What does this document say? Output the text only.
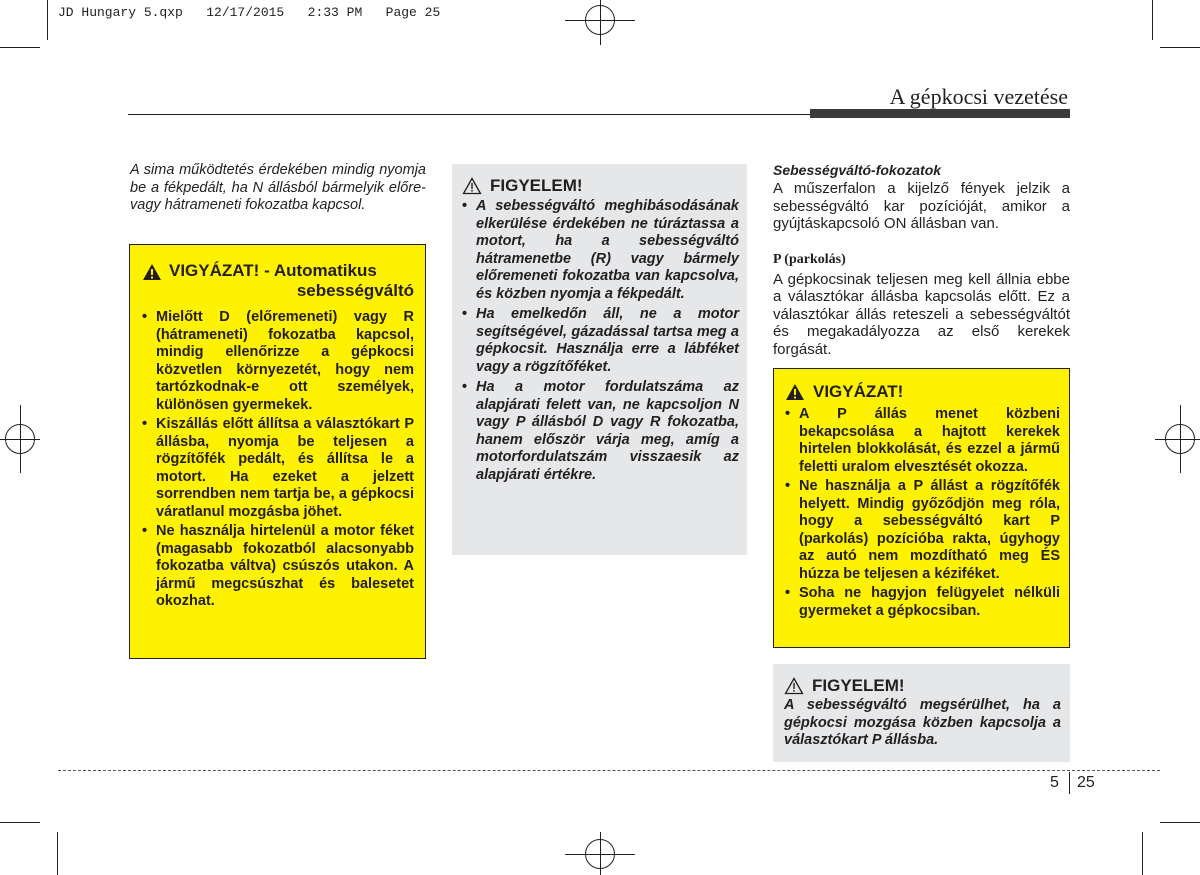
JD Hungary 5.qxp   12/17/2015   2:33 PM   Page 25
A gépkocsi vezetése
A sima működtetés érdekében mindig nyomja be a fékpedált, ha N állásból bármelyik előre- vagy hátrameneti fokozatba kapcsol.
VIGYÁZAT! - Automatikus
sebességváltó
• Mielőtt D (előremeneti) vagy R (hátrameneti) fokozatba kapcsol, mindig ellenőrizze a gépkocsi közvetlen környezetét, hogy nem tartózkodnak-e ott személyek, különösen gyermekek.
• Kiszállás előtt állítsa a választókart P állásba, nyomja be teljesen a rögzítőfék pedált, és állítsa le a motort. Ha ezeket a jelzett sorrendben nem tartja be, a gépkocsi váratlanul mozgásba jöhet.
• Ne használja hirtelenül a motor féket (magasabb fokozatból alacsonyabb fokozatba váltva) csúszós utakon. A jármű megcsúszhat és balesetet okozhat.
FIGYELEM!
• A sebességváltó meghibásodásának elkerülése érdekében ne túráztassa a motort, ha a sebességváltó hátramenetbe (R) vagy bármely előremeneti fokozatba van kapcsolva, és közben nyomja a fékpedált.
• Ha emelkedőn áll, ne a motor segítségével, gázadással tartsa meg a gépkocsit. Használja erre a lábféket vagy a rögzítőféket.
• Ha a motor fordulatszáma az alapjárati felett van, ne kapcsoljon N vagy P állásból D vagy R fokozatba, hanem először várja meg, amíg a motorfordulatszám visszaesik az alapjárati értékre.
Sebességváltó-fokozatok
A műszerfalon a kijelző fények jelzik a sebességváltó kar pozícióját, amikor a gyújtáskapcsoló ON állásban van.
P (parkolás)
A gépkocsinak teljesen meg kell állnia ebbe a választókar állásba kapcsolás előtt. Ez a választókar állás reteszeli a sebességváltót és megakadályozza az első kerekek forgását.
VIGYÁZAT!
• A P állás menet közbeni bekapcsolása a hajtott kerekek hirtelen blokkolását, és ezzel a jármű feletti uralom elvesztését okozza.
• Ne használja a P állást a rögzítőfék helyett. Mindig győződjön meg róla, hogy a sebességváltó kart P (parkolás) pozícióba rakta, úgyhogy az autó nem mozdítható meg ÉS húzza be teljesen a kéziféket.
• Soha ne hagyjon felügyelet nélküli gyermeket a gépkocsiban.
FIGYELEM!
A sebességváltó megsérülhet, ha a gépkocsi mozgása közben kapcsolja a választókart P állásba.
5 25
